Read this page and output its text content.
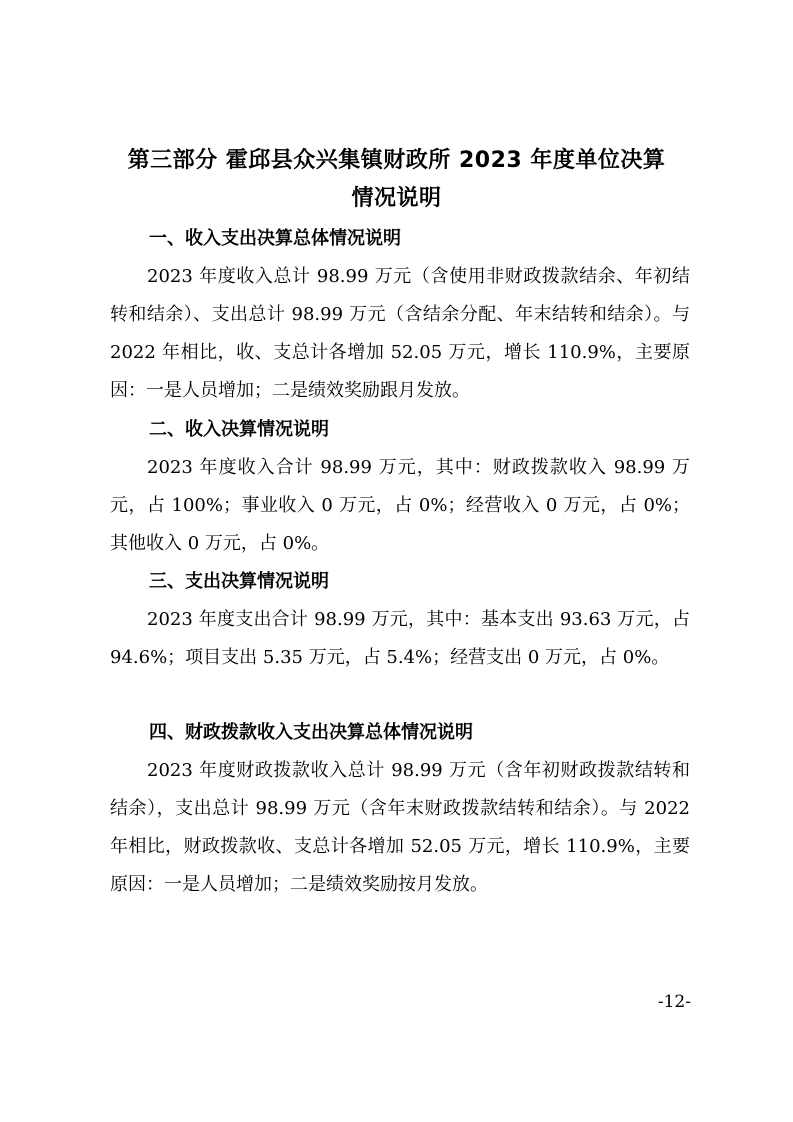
第三部分 霍邱县众兴集镇财政所 2023 年度单位决算
情况说明
一、收入支出决算总体情况说明

2023 年度收入总计 98.99 万元（含使用非财政拨款结余、年初结转和结余）、支出总计 98.99 万元（含结余分配、年末结转和结余）。与 2022 年相比，收、支总计各增加 52.05 万元，增长 110.9%，主要原因：一是人员增加；二是绩效奖励跟月发放。

二、收入决算情况说明

2023 年度收入合计 98.99 万元，其中：财政拨款收入 98.99 万元，占 100%；事业收入 0 万元，占 0%；经营收入 0 万元，占 0%；其他收入 0 万元，占 0%。

三、支出决算情况说明

2023 年度支出合计 98.99 万元，其中：基本支出 93.63 万元，占 94.6%；项目支出 5.35 万元，占 5.4%；经营支出 0 万元，占 0%。

四、财政拨款收入支出决算总体情况说明

2023 年度财政拨款收入总计 98.99 万元（含年初财政拨款结转和结余），支出总计 98.99 万元（含年末财政拨款结转和结余）。与 2022 年相比，财政拨款收、支总计各增加 52.05 万元，增长 110.9%，主要原因：一是人员增加；二是绩效奖励按月发放。

-12-
